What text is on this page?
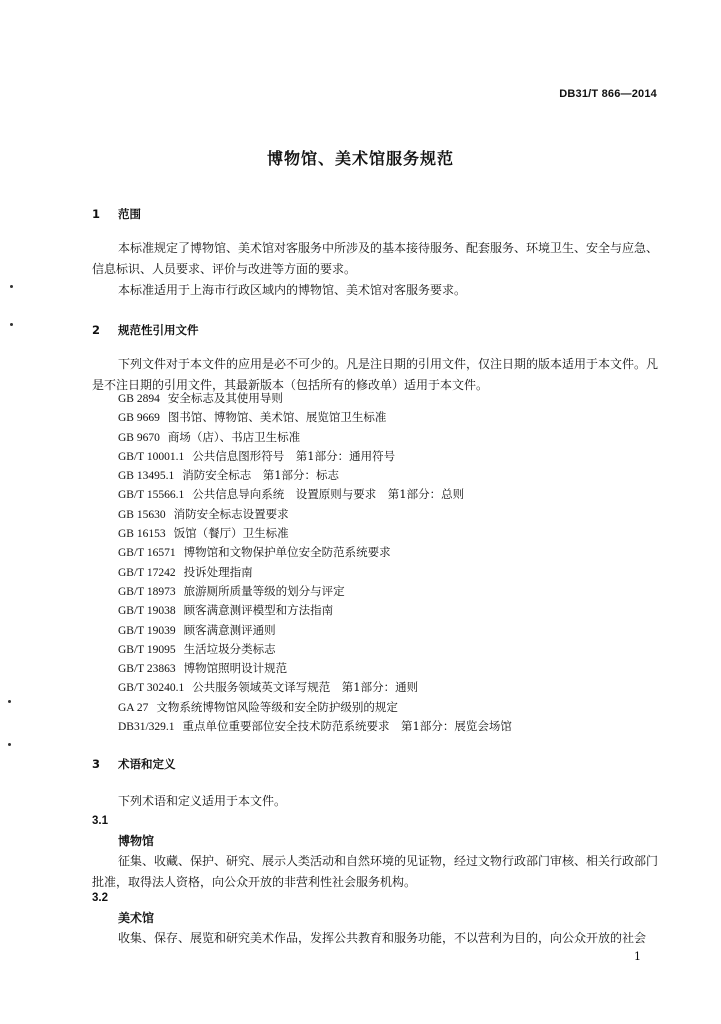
DB31/T 866—2014
博物馆、美术馆服务规范
1 范围

本标准规定了博物馆、美术馆对客服务中所涉及的基本接待服务、配套服务、环境卫生、安全与应急、信息标识、人员要求、评价与改进等方面的要求。

本标准适用于上海市行政区域内的博物馆、美术馆对客服务要求。

2 规范性引用文件

下列文件对于本文件的应用是必不可少的。凡是注日期的引用文件，仅注日期的版本适用于本文件。凡是不注日期的引用文件，其最新版本（包括所有的修改单）适用于本文件。

GB 2894 安全标志及其使用导则
GB 9669 图书馆、博物馆、美术馆、展览馆卫生标准
GB 9670 商场（店）、书店卫生标准
GB/T 10001.1 公共信息图形符号　第1部分：通用符号
GB 13495.1 消防安全标志　第1部分：标志
GB/T 15566.1 公共信息导向系统　设置原则与要求　第1部分：总则
GB 15630 消防安全标志设置要求
GB 16153 饭馆（餐厅）卫生标准
GB/T 16571 博物馆和文物保护单位安全防范系统要求
GB/T 17242 投诉处理指南
GB/T 18973 旅游厕所质量等级的划分与评定
GB/T 19038 顾客满意测评模型和方法指南
GB/T 19039 顾客满意测评通则
GB/T 19095 生活垃圾分类标志
GB/T 23863 博物馆照明设计规范
GB/T 30240.1 公共服务领域英文译写规范　第1部分：通则
GA 27 文物系统博物馆风险等级和安全防护级别的规定
DB31/329.1 重点单位重要部位安全技术防范系统要求　第1部分：展览会场馆
3 术语和定义

下列术语和定义适用于本文件。

3.1
博物馆

征集、收藏、保护、研究、展示人类活动和自然环境的见证物，经过文物行政部门审核、相关行政部门批准，取得法人资格，向公众开放的非营利性社会服务机构。

3.2
美术馆

收集、保存、展览和研究美术作品，发挥公共教育和服务功能，不以营利为目的，向公众开放的社会

1
